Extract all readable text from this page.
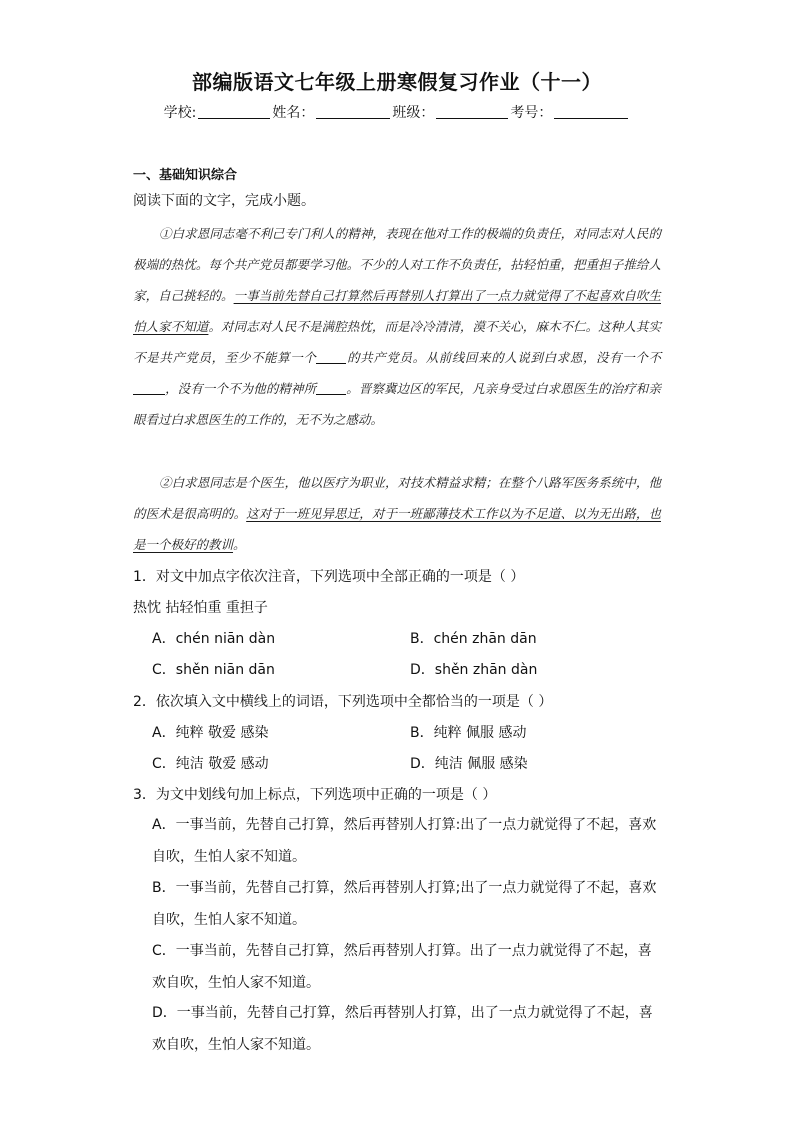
部编版语文七年级上册寒假复习作业（十一）
学校:	姓名：	班级：	考号：
一、基础知识综合
阅读下面的文字，完成小题。
①白求恩同志毫不利己专门利人的精神，表现在他对工作的极端的负责任，对同志对人民的极端的热忱。每个共产党员都要学习他。不少的人对工作不负责任，拈轻怕重，把重担子推给人家，自己挑轻的。一事当前先替自己打算然后再替别人打算出了一点力就觉得了不起喜欢自吹生怕人家不知道。对同志对人民不是满腔热忱，而是冷冷清清，漠不关心，麻木不仁。这种人其实不是共产党员，至少不能算一个 的共产党员。从前线回来的人说到白求恩，没有一个不，没有一个不为他的精神所 。晋察冀边区的军民，凡亲身受过白求恩医生的治疗和亲眼看过白求恩医生的工作的，无不为之感动。
②白求恩同志是个医生，他以医疗为职业，对技术精益求精；在整个八路军医务系统中，他的医术是很高明的。这对于一班见异思迁，对于一班鄙薄技术工作以为不足道、以为无出路，也是一个极好的教训。
1．对文中加点字依次注音，下列选项中全部正确的一项是（ ）
热忱 拈轻怕重 重担子
A．chén niān dàn	B．chén zhān dān
C．shěn niān dān	D．shěn zhān dàn
2．依次填入文中横线上的词语，下列选项中全都恰当的一项是（ ）
A．纯粹 敬爱 感染	B．纯粹 佩服 感动
C．纯洁 敬爱 感动	D．纯洁 佩服 感染
3．为文中划线句加上标点，下列选项中正确的一项是（ ）
A．一事当前，先替自己打算，然后再替别人打算:出了一点力就觉得了不起，喜欢自吹，生怕人家不知道。
B．一事当前，先替自己打算，然后再替别人打算;出了一点力就觉得了不起，喜欢自吹，生怕人家不知道。
C．一事当前，先替自己打算，然后再替别人打算。出了一点力就觉得了不起，喜欢自吹，生怕人家不知道。
D．一事当前，先替自己打算，然后再替别人打算，出了一点力就觉得了不起，喜欢自吹，生怕人家不知道。
